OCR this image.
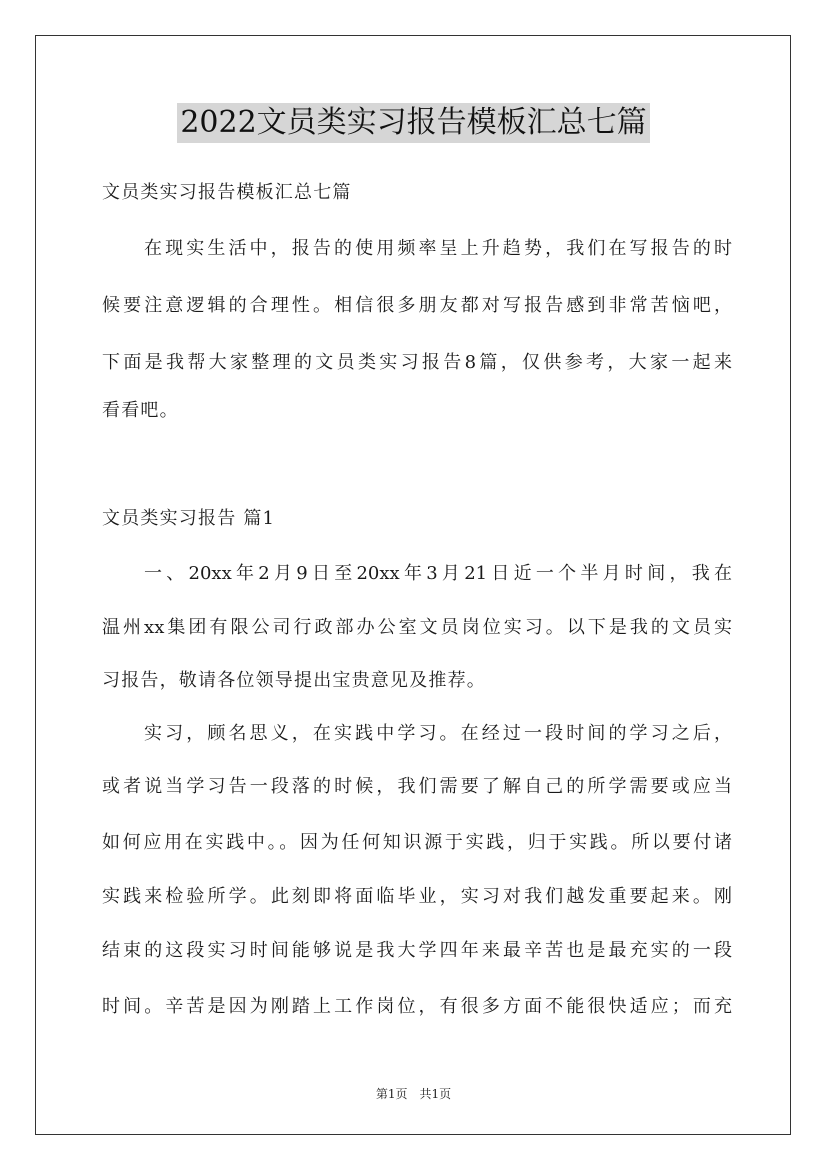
2022文员类实习报告模板汇总七篇
文员类实习报告模板汇总七篇
在现实生活中，报告的使用频率呈上升趋势，我们在写报告的时
候要注意逻辑的合理性。相信很多朋友都对写报告感到非常苦恼吧，
下面是我帮大家整理的文员类实习报告8篇，仅供参考，大家一起来
看看吧。
文员类实习报告 篇1
一、20xx年2月9日至20xx年3月21日近一个半月时间，我在
温州xx集团有限公司行政部办公室文员岗位实习。以下是我的文员实
习报告，敬请各位领导提出宝贵意见及推荐。
实习，顾名思义，在实践中学习。在经过一段时间的学习之后，
或者说当学习告一段落的时候，我们需要了解自己的所学需要或应当
如何应用在实践中。。因为任何知识源于实践，归于实践。所以要付诸
实践来检验所学。此刻即将面临毕业，实习对我们越发重要起来。刚
结束的这段实习时间能够说是我大学四年来最辛苦也是最充实的一段
时间。辛苦是因为刚踏上工作岗位，有很多方面不能很快适应；而充
第1页　共1页
